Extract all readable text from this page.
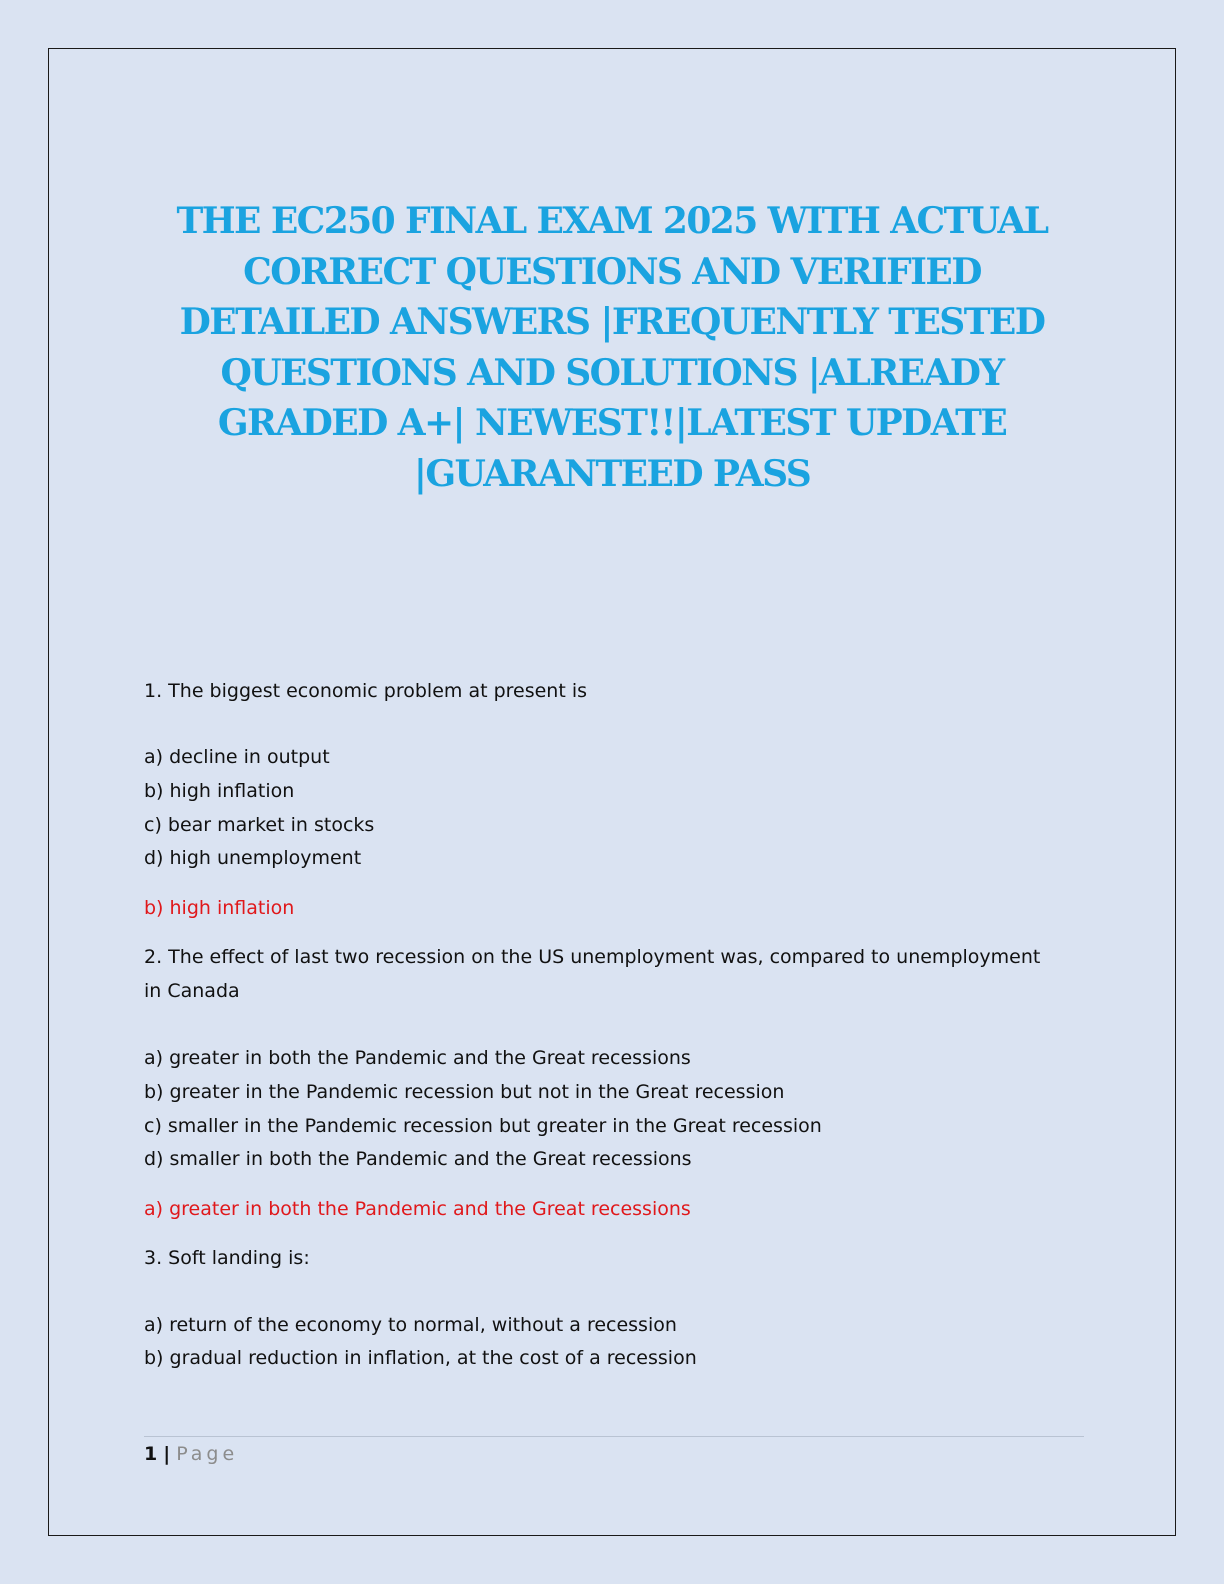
THE EC250 FINAL EXAM 2025 WITH ACTUAL
CORRECT QUESTIONS AND VERIFIED
DETAILED ANSWERS |FREQUENTLY TESTED
QUESTIONS AND SOLUTIONS |ALREADY
GRADED A+| NEWEST!!|LATEST UPDATE
|GUARANTEED PASS
1. The biggest economic problem at present is
a) decline in output
b) high inflation
c) bear market in stocks
d) high unemployment
b) high inflation
2. The effect of last two recession on the US unemployment was, compared to unemployment
in Canada
a) greater in both the Pandemic and the Great recessions
b) greater in the Pandemic recession but not in the Great recession
c) smaller in the Pandemic recession but greater in the Great recession
d) smaller in both the Pandemic and the Great recessions
a) greater in both the Pandemic and the Great recessions
3. Soft landing is:
a) return of the economy to normal, without a recession
b) gradual reduction in inflation, at the cost of a recession
1 | Page
